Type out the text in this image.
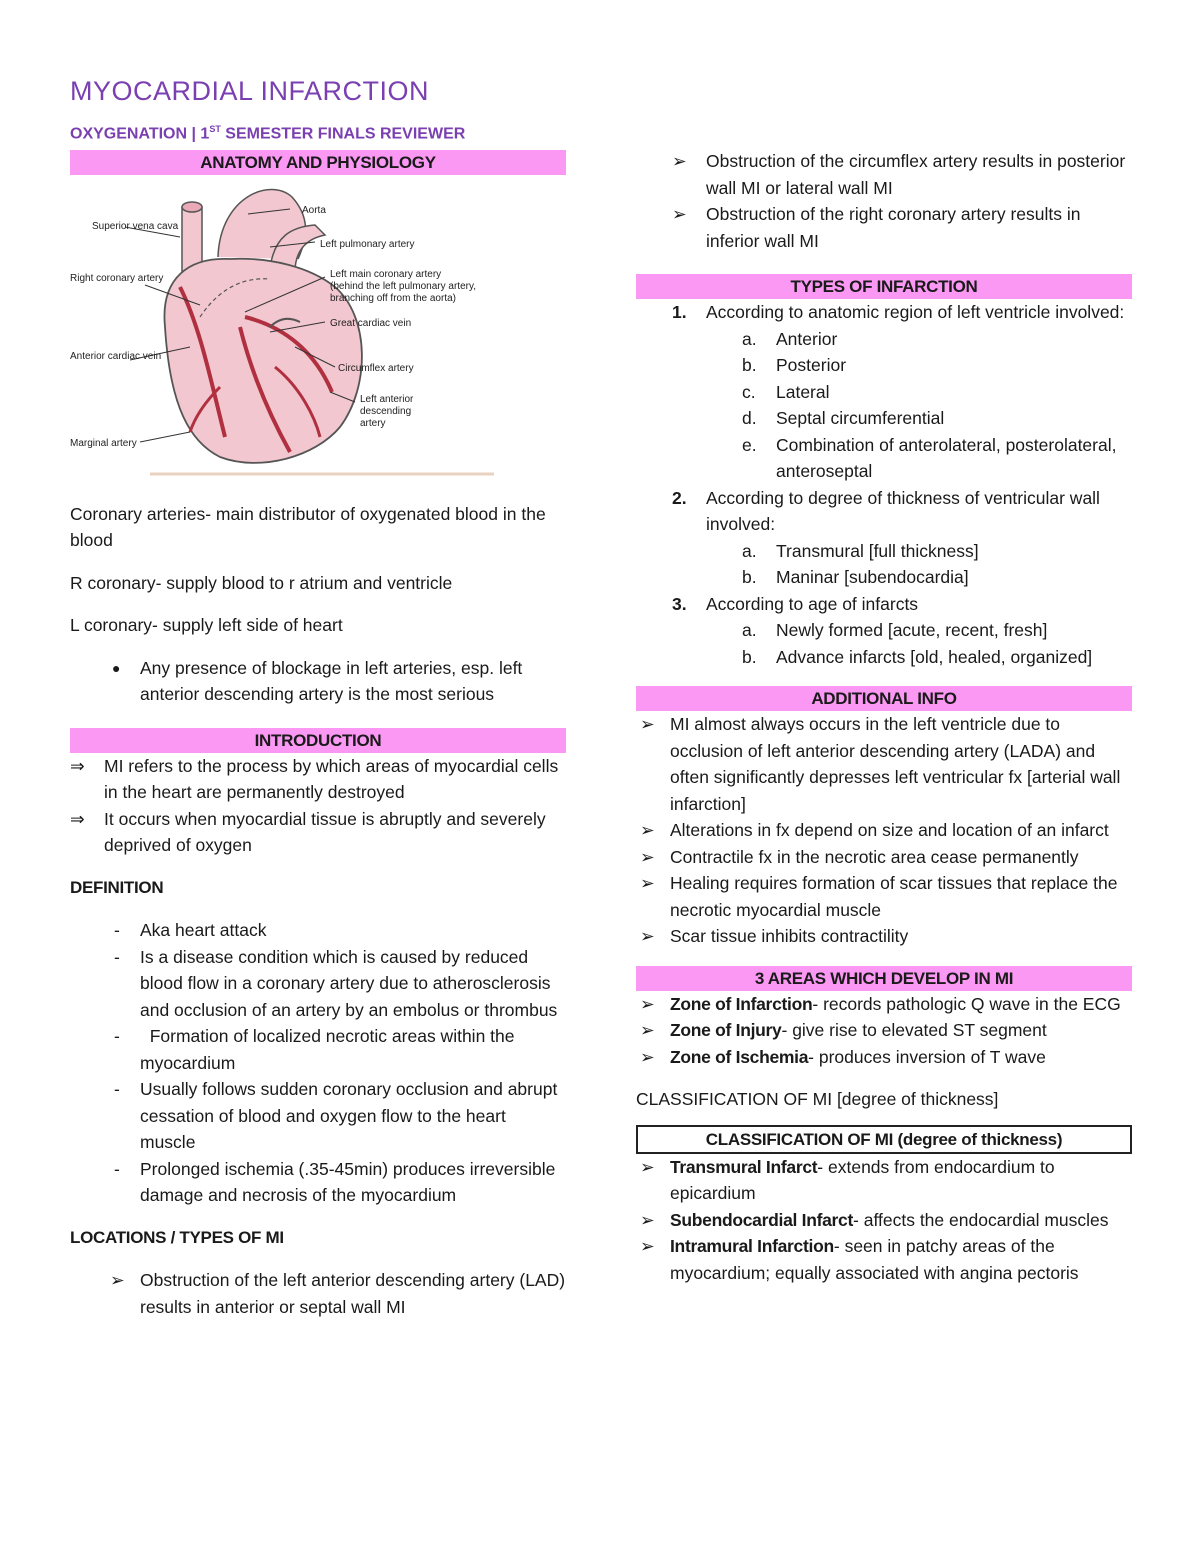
MYOCARDIAL INFARCTION
OXYGENATION | 1ST SEMESTER FINALS REVIEWER
ANATOMY AND PHYSIOLOGY
Aorta
Superior vena cava
Left pulmonary artery
Right coronary artery	Left main coronary artery
(behind the left pulmonary artery,
branching off from the aorta)
Great cardiac vein
Anterior cardiac vein
Circumflex artery
Left anterior
descending
artery
Marginal artery

Coronary arteries- main distributor of oxygenated blood in the blood

R coronary- supply blood to r atrium and ventricle

L coronary- supply left side of heart

● Any presence of blockage in left arteries, esp. left anterior descending artery is the most serious
INTRODUCTION
⇒ MI refers to the process by which areas of myocardial cells in the heart are permanently destroyed
⇒ It occurs when myocardial tissue is abruptly and severely deprived of oxygen
DEFINITION
- Aka heart attack
- Is a disease condition which is caused by reduced blood flow in a coronary artery due to atherosclerosis and occlusion of an artery by an embolus or thrombus
- Formation of localized necrotic areas within the myocardium
- Usually follows sudden coronary occlusion and abrupt cessation of blood and oxygen flow to the heart muscle
- Prolonged ischemia (.35-45min) produces irreversible damage and necrosis of the myocardium
LOCATIONS / TYPES OF MI
➢ Obstruction of the left anterior descending artery (LAD) results in anterior or septal wall MI
➢ Obstruction of the circumflex artery results in posterior wall MI or lateral wall MI
➢ Obstruction of the right coronary artery results in inferior wall MI
TYPES OF INFARCTION
1. According to anatomic region of left ventricle involved:
a. Anterior
b. Posterior
c. Lateral
d. Septal circumferential
e. Combination of anterolateral, posterolateral, anteroseptal
2. According to degree of thickness of ventricular wall involved:
a. Transmural [full thickness]
b. Maninar [subendocardia]
3. According to age of infarcts
a. Newly formed [acute, recent, fresh]
b. Advance infarcts [old, healed, organized]
ADDITIONAL INFO
➢ MI almost always occurs in the left ventricle due to occlusion of left anterior descending artery (LADA) and often significantly depresses left ventricular fx [arterial wall infarction]
➢ Alterations in fx depend on size and location of an infarct
➢ Contractile fx in the necrotic area cease permanently
➢ Healing requires formation of scar tissues that replace the necrotic myocardial muscle
➢ Scar tissue inhibits contractility
3 AREAS WHICH DEVELOP IN MI
➢ Zone of Infarction- records pathologic Q wave in the ECG
➢ Zone of Injury- give rise to elevated ST segment
➢ Zone of Ischemia- produces inversion of T wave

CLASSIFICATION OF MI [degree of thickness]

CLASSIFICATION OF MI (degree of thickness)
➢ Transmural Infarct- extends from endocardium to epicardium
➢ Subendocardial Infarct- affects the endocardial muscles
➢ Intramural Infarction- seen in patchy areas of the myocardium; equally associated with angina pectoris
